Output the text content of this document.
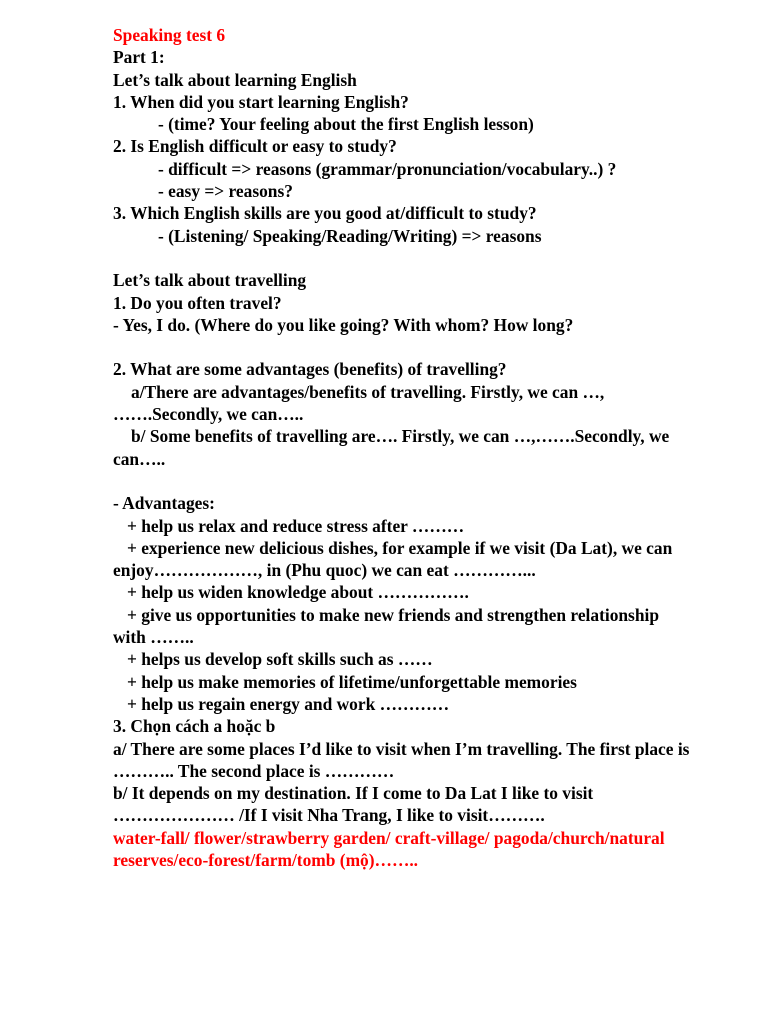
Speaking test 6
Part 1:
Let’s talk about learning English
1. When did you start learning English?
- (time? Your feeling about the first English lesson)
2. Is English difficult or easy to study?
- difficult => reasons (grammar/pronunciation/vocabulary..) ?
- easy => reasons?
3. Which English skills are you good at/difficult to study?
- (Listening/ Speaking/Reading/Writing) => reasons
Let’s talk about travelling
1. Do you often travel?
- Yes, I do. (Where do you like going? With whom? How long?
2. What are some advantages (benefits) of travelling?
a/There are advantages/benefits of travelling. Firstly, we can …,
…….Secondly, we can…..
b/ Some benefits of travelling are…. Firstly, we can …,…….Secondly, we
can…..
- Advantages:
+ help us relax and reduce stress after ………
+ experience new delicious dishes, for example if we visit (Da Lat), we can
enjoy………………, in (Phu quoc) we can eat …………...
+ help us widen knowledge about …………….
+ give us opportunities to make new friends and strengthen relationship
with ……..
+ helps us develop soft skills such as ……
+ help us make memories of lifetime/unforgettable memories
+ help us regain energy and work …………
3. Chọn cách a hoặc b
a/ There are some places I’d like to visit when I’m travelling. The first place is
……….. The second place is …………
b/ It depends on my destination. If I come to Da Lat I like to visit
………………… /If I visit Nha Trang, I like to visit……….
water-fall/ flower/strawberry garden/ craft-village/ pagoda/church/natural
reserves/eco-forest/farm/tomb (mộ)……..
